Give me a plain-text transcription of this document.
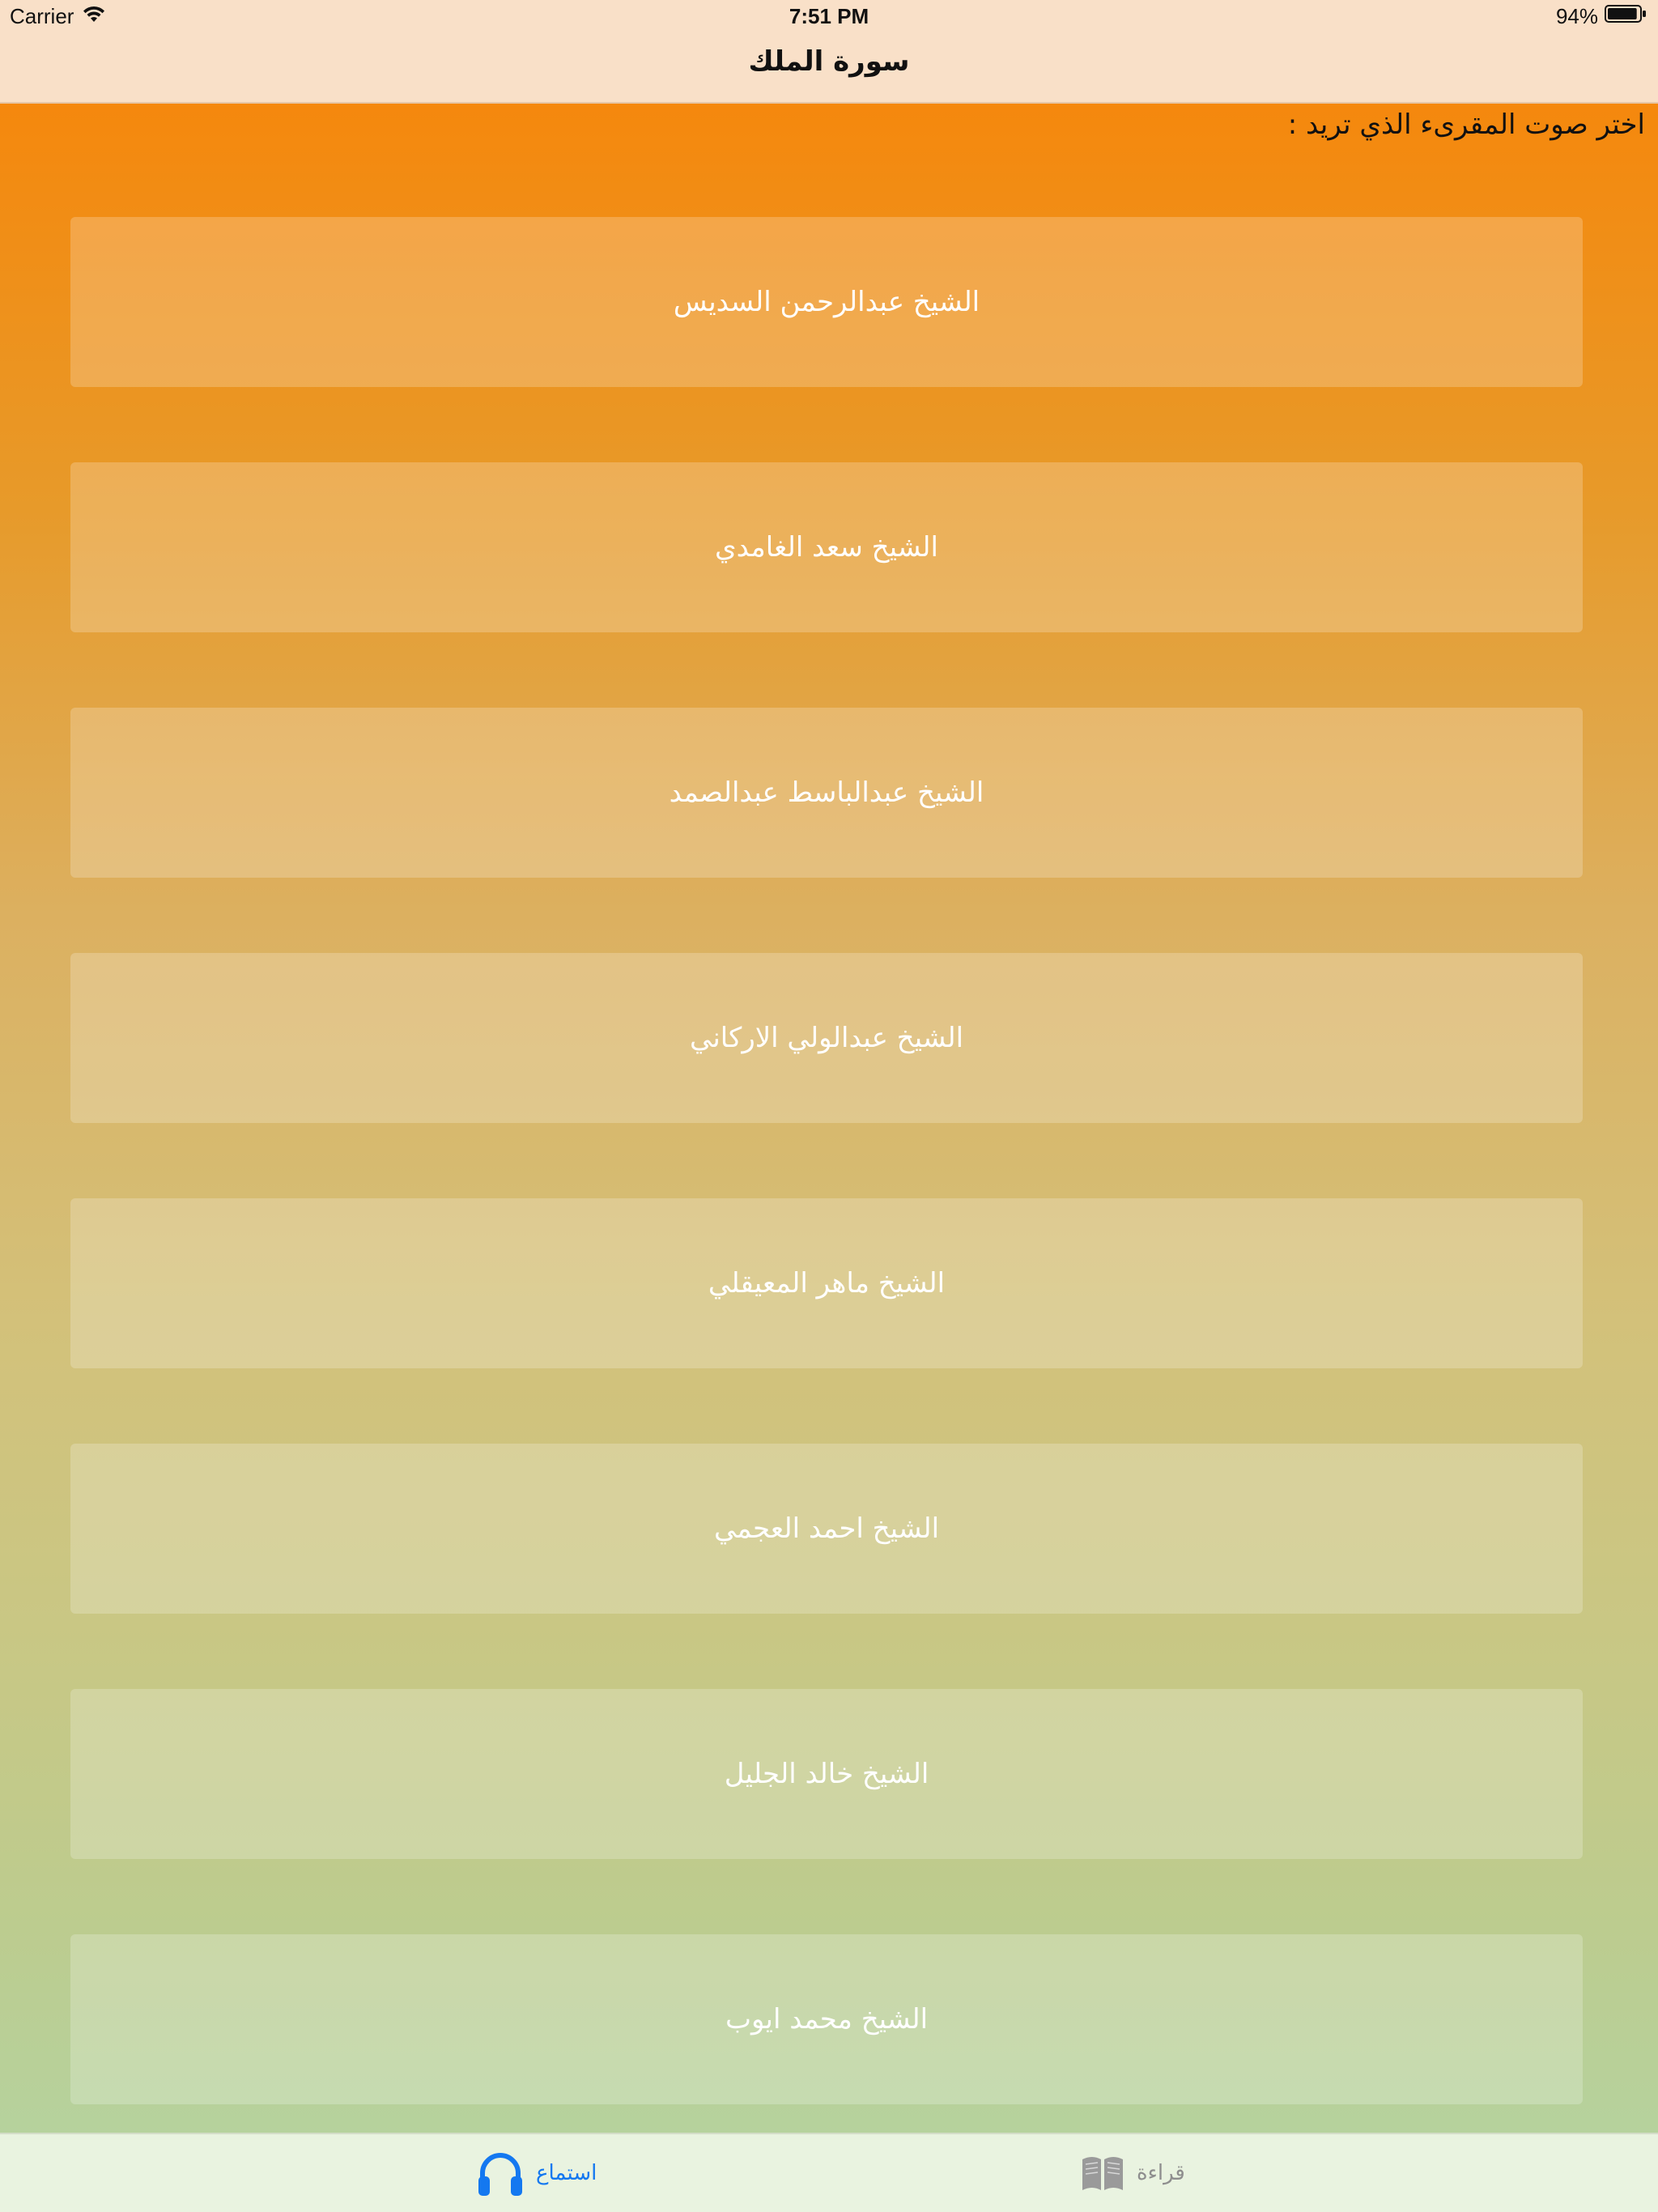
Carrier	7:51 PM	94%
سورة الملك
اختر صوت المقرىء الذي تريد :
الشيخ عبدالرحمن السديس
الشيخ سعد الغامدي
الشيخ عبدالباسط عبدالصمد
الشيخ عبدالولي الاركاني
الشيخ ماهر المعيقلي
الشيخ احمد العجمي
الشيخ خالد الجليل
الشيخ محمد ايوب
استماع	قراءة
